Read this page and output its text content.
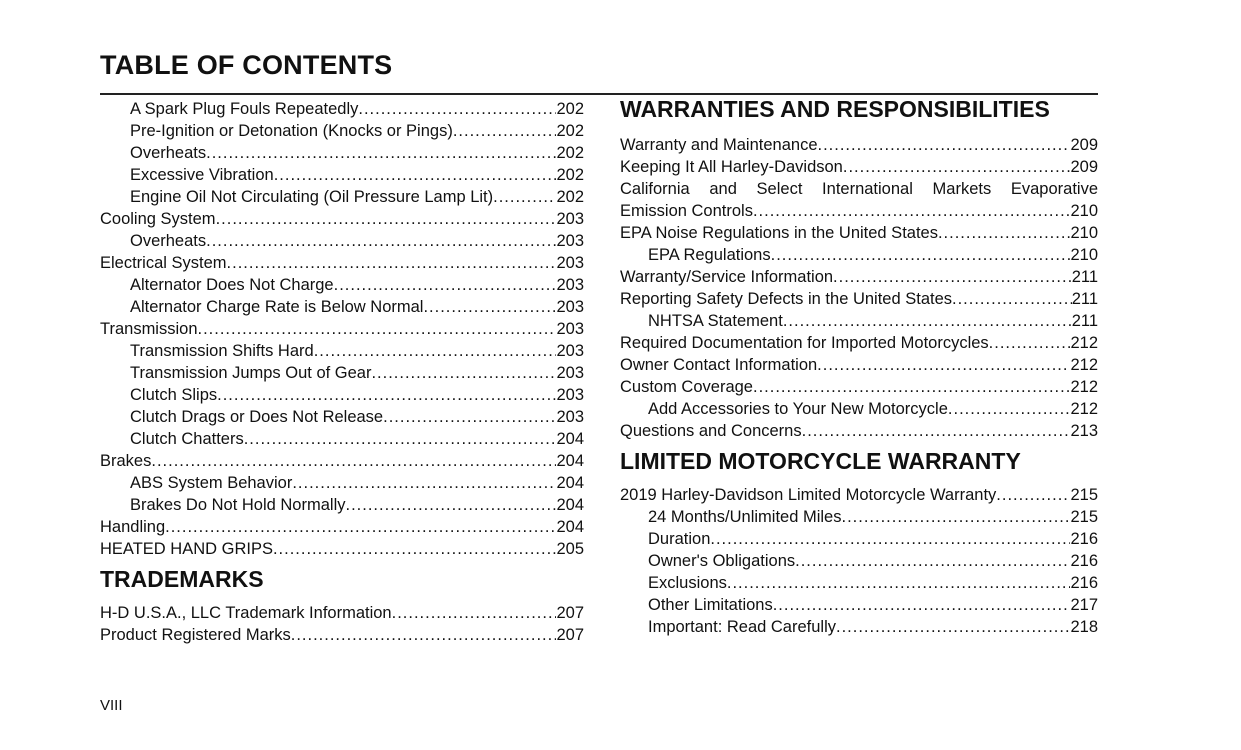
TABLE OF CONTENTS
A Spark Plug Fouls Repeatedly .....	202
Pre-Ignition or Detonation (Knocks or Pings) .....	202
Overheats .....	202
Excessive Vibration .....	202
Engine Oil Not Circulating (Oil Pressure Lamp Lit) .....	202
Cooling System .....	203
Overheats .....	203
Electrical System .....	203
Alternator Does Not Charge .....	203
Alternator Charge Rate is Below Normal .....	203
Transmission .....	203
Transmission Shifts Hard .....	203
Transmission Jumps Out of Gear .....	203
Clutch Slips .....	203
Clutch Drags or Does Not Release .....	203
Clutch Chatters .....	204
Brakes .....	204
ABS System Behavior .....	204
Brakes Do Not Hold Normally .....	204
Handling .....	204
HEATED HAND GRIPS .....	205
TRADEMARKS
H-D U.S.A., LLC Trademark Information .....	207
Product Registered Marks .....	207
WARRANTIES AND RESPONSIBILITIES
Warranty and Maintenance .....	209
Keeping It All Harley-Davidson .....	209
California and Select International Markets Evaporative
Emission Controls .....	210
EPA Noise Regulations in the United States .....	210
EPA Regulations .....	210
Warranty/Service Information .....	211
Reporting Safety Defects in the United States .....	211
NHTSA Statement .....	211
Required Documentation for Imported Motorcycles .....	212
Owner Contact Information .....	212
Custom Coverage .....	212
Add Accessories to Your New Motorcycle .....	212
Questions and Concerns .....	213
LIMITED MOTORCYCLE WARRANTY
2019 Harley-Davidson Limited Motorcycle Warranty .....	215
24 Months/Unlimited Miles .....	215
Duration .....	216
Owner's Obligations .....	216
Exclusions .....	216
Other Limitations .....	217
Important: Read Carefully .....	218
VIII
